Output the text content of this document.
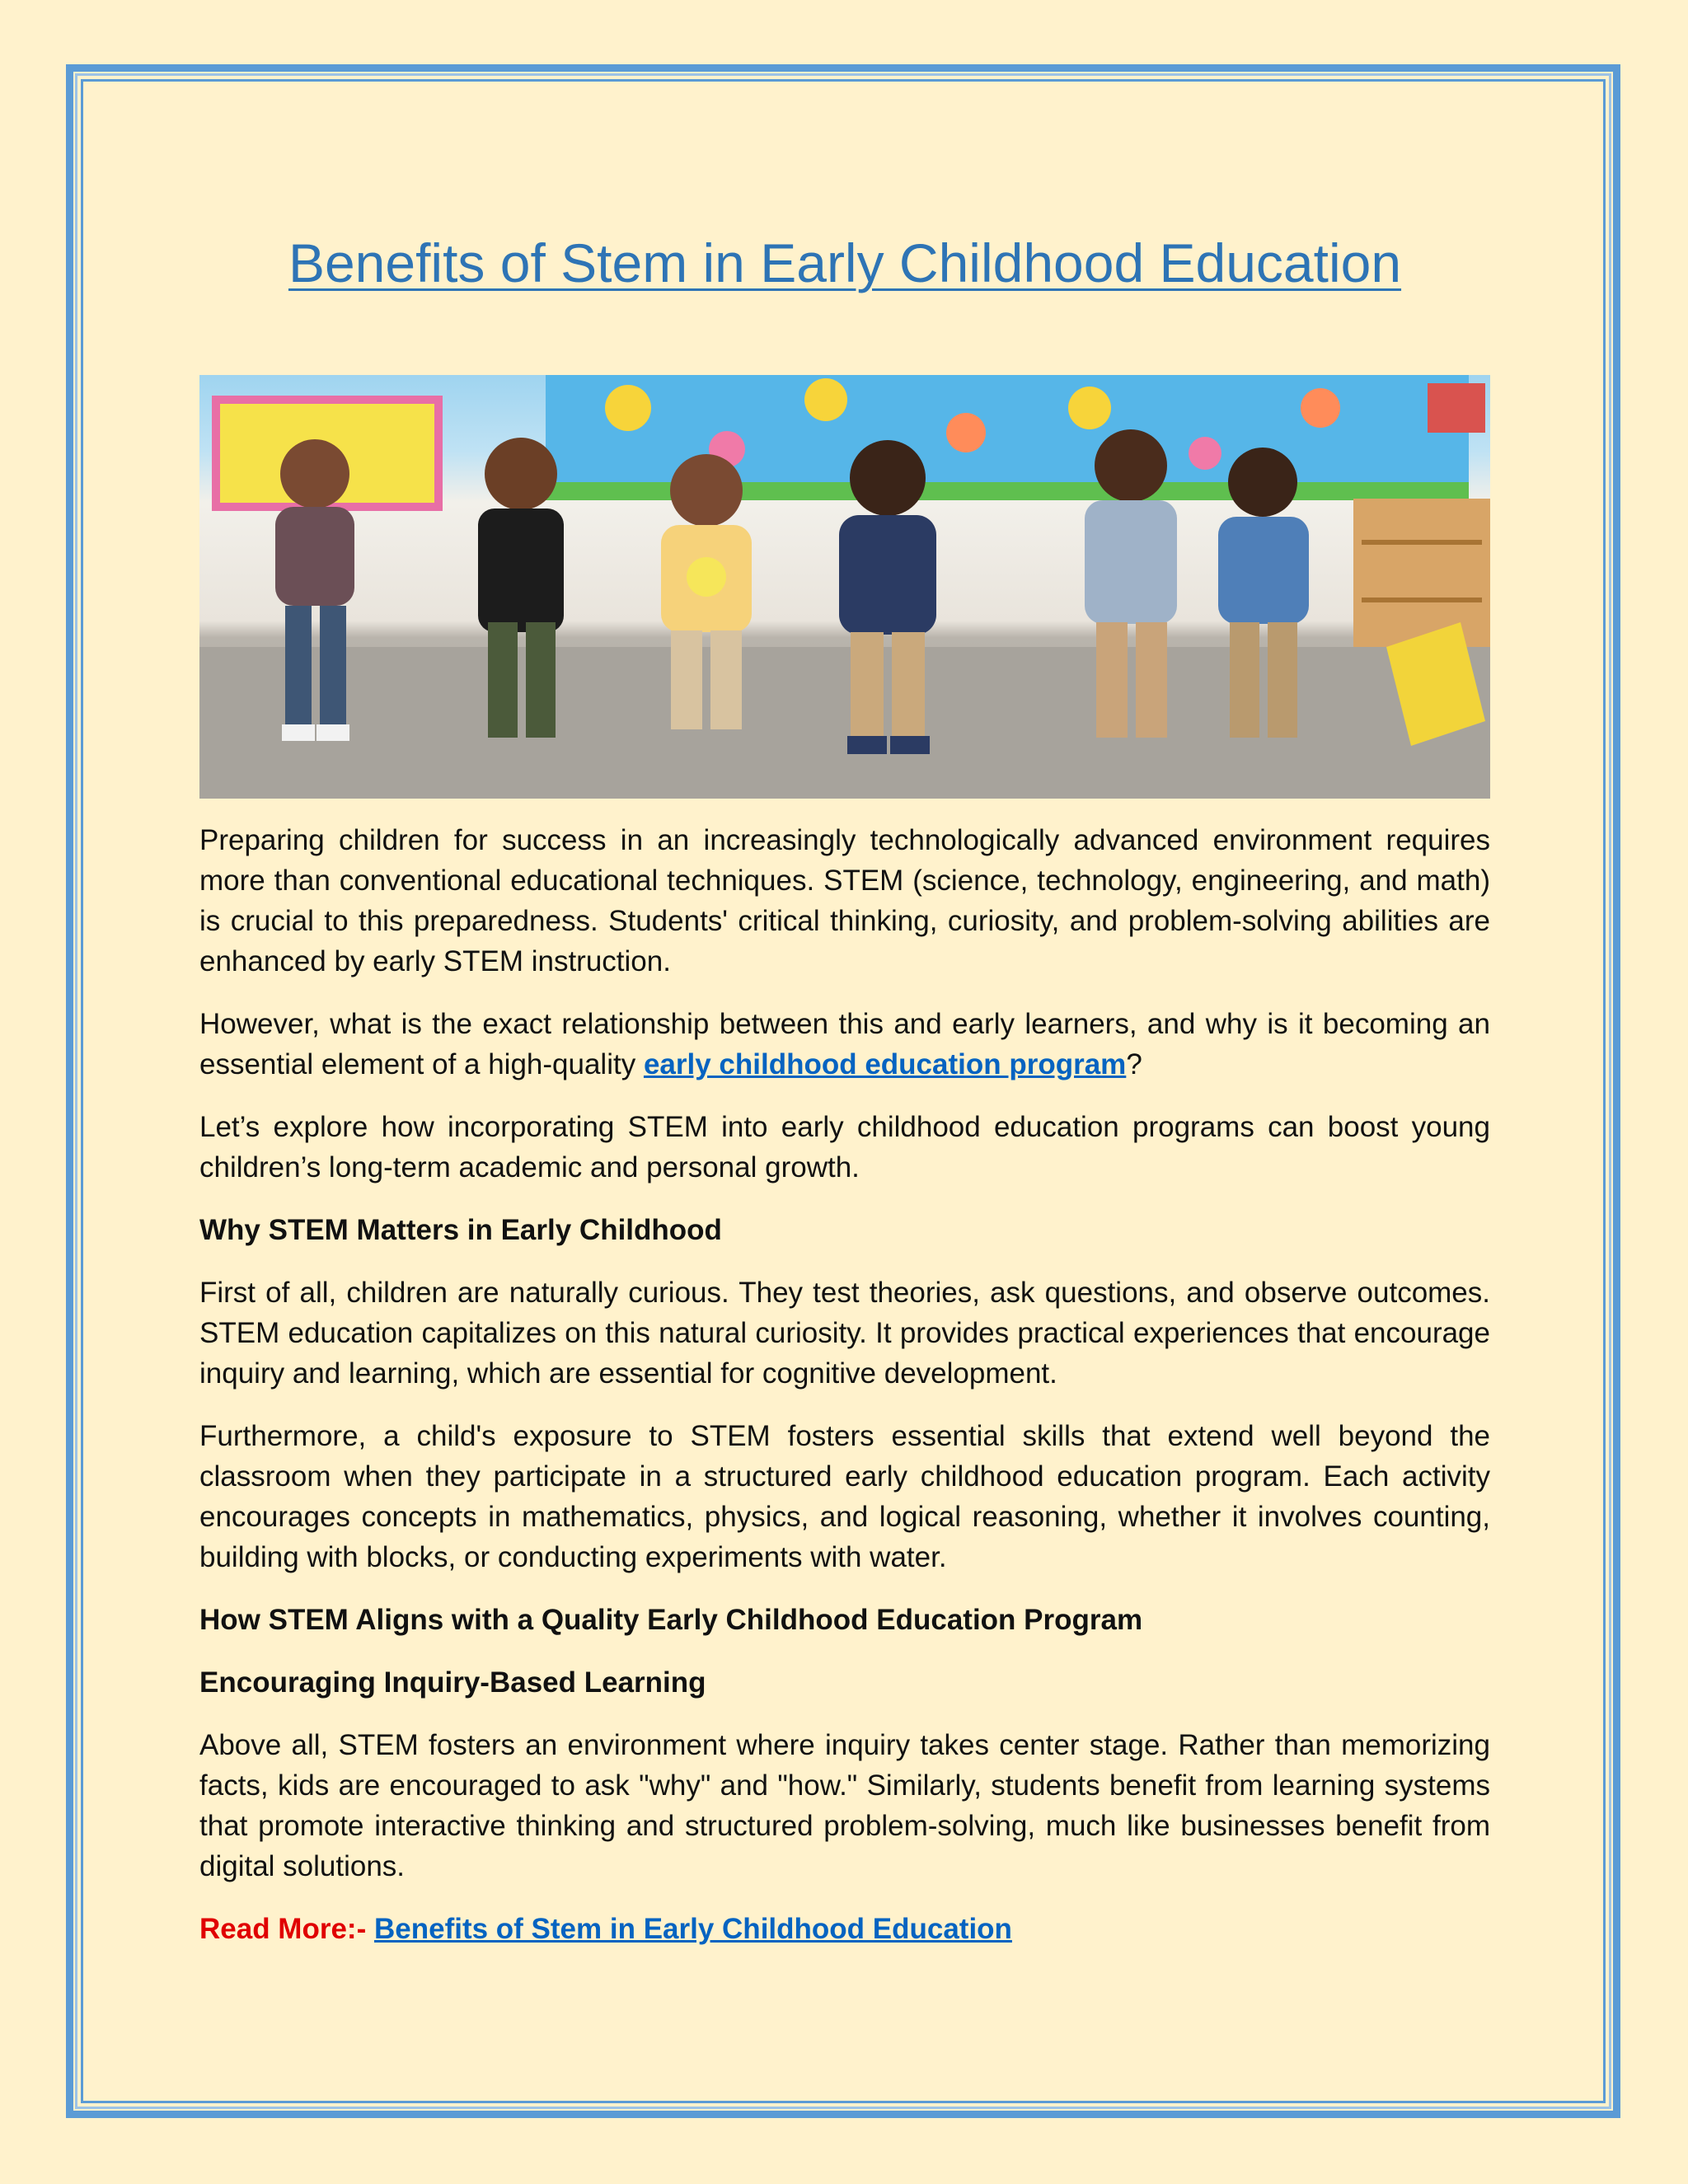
Benefits of Stem in Early Childhood Education

Preparing children for success in an increasingly technologically advanced environment requires more than conventional educational techniques. STEM (science, technology, engineering, and math) is crucial to this preparedness. Students' critical thinking, curiosity, and problem-solving abilities are enhanced by early STEM instruction.

However, what is the exact relationship between this and early learners, and why is it becoming an essential element of a high-quality early childhood education program?

Let’s explore how incorporating STEM into early childhood education programs can boost young children’s long-term academic and personal growth.

Why STEM Matters in Early Childhood

First of all, children are naturally curious. They test theories, ask questions, and observe outcomes. STEM education capitalizes on this natural curiosity. It provides practical experiences that encourage inquiry and learning, which are essential for cognitive development.

Furthermore, a child's exposure to STEM fosters essential skills that extend well beyond the classroom when they participate in a structured early childhood education program. Each activity encourages concepts in mathematics, physics, and logical reasoning, whether it involves counting, building with blocks, or conducting experiments with water.

How STEM Aligns with a Quality Early Childhood Education Program

Encouraging Inquiry-Based Learning

Above all, STEM fosters an environment where inquiry takes center stage. Rather than memorizing facts, kids are encouraged to ask "why" and "how." Similarly, students benefit from learning systems that promote interactive thinking and structured problem-solving, much like businesses benefit from digital solutions.

Read More:- Benefits of Stem in Early Childhood Education
